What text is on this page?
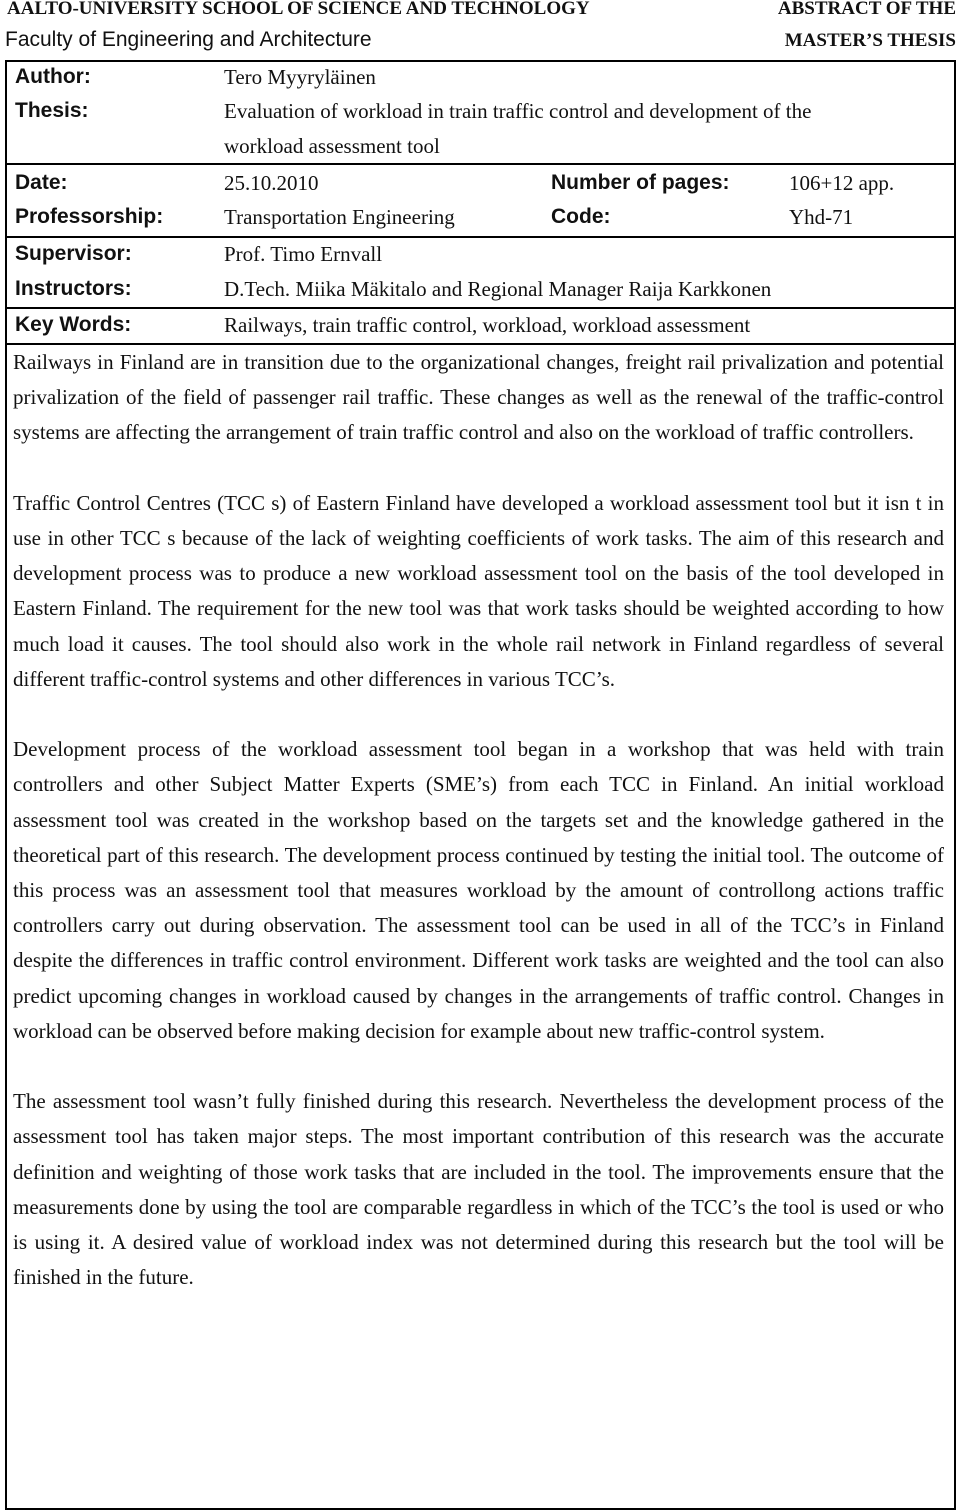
AALTO-UNIVERSITY SCHOOL OF SCIENCE AND TECHNOLOGY
Faculty of Engineering and Architecture
ABSTRACT OF THE
MASTER’S THESIS
Author:	Tero Myyryläinen
Thesis:	Evaluation of workload in train traffic control and development of the
workload assessment tool
Date:	25.10.2010	Number of pages:	106+12 app.
Professorship:	Transportation Engineering	Code:	Yhd-71
Supervisor:	Prof. Timo Ernvall
Instructors:	D.Tech. Miika Mäkitalo and Regional Manager Raija Karkkonen
Key Words:	Railways, train traffic control, workload, workload assessment

Railways in Finland are in transition due to the organizational changes, freight rail privalization and potential privalization of the field of passenger rail traffic. These changes as well as the renewal of the traffic-control systems are affecting the arrangement of train traffic control and also on the workload of traffic controllers.

Traffic Control Centres (TCC s) of Eastern Finland have developed a workload assessment tool but it isn t in use in other TCC s because of the lack of weighting coefficients of work tasks. The aim of this research and development process was to produce a new workload assessment tool on the basis of the tool developed in Eastern Finland. The requirement for the new tool was that work tasks should be weighted according to how much load it causes. The tool should also work in the whole rail network in Finland regardless of several different traffic-control systems and other differences in various TCC’s.

Development process of the workload assessment tool began in a workshop that was held with train controllers and other Subject Matter Experts (SME’s) from each TCC in Finland. An initial workload assessment tool was created in the workshop based on the targets set and the knowledge gathered in the theoretical part of this research. The development process continued by testing the initial tool. The outcome of this process was an assessment tool that measures workload by the amount of controllong actions traffic controllers carry out during observation. The assessment tool can be used in all of the TCC’s in Finland despite the differences in traffic control environment. Different work tasks are weighted and the tool can also predict upcoming changes in workload caused by changes in the arrangements of traffic control. Changes in workload can be observed before making decision for example about new traffic-control system.

The assessment tool wasn’t fully finished during this research. Nevertheless the development process of the assessment tool has taken major steps. The most important contribution of this research was the accurate definition and weighting of those work tasks that are included in the tool. The improvements ensure that the measurements done by using the tool are comparable regardless in which of the TCC’s the tool is used or who is using it. A desired value of workload index was not determined during this research but the tool will be finished in the future.
